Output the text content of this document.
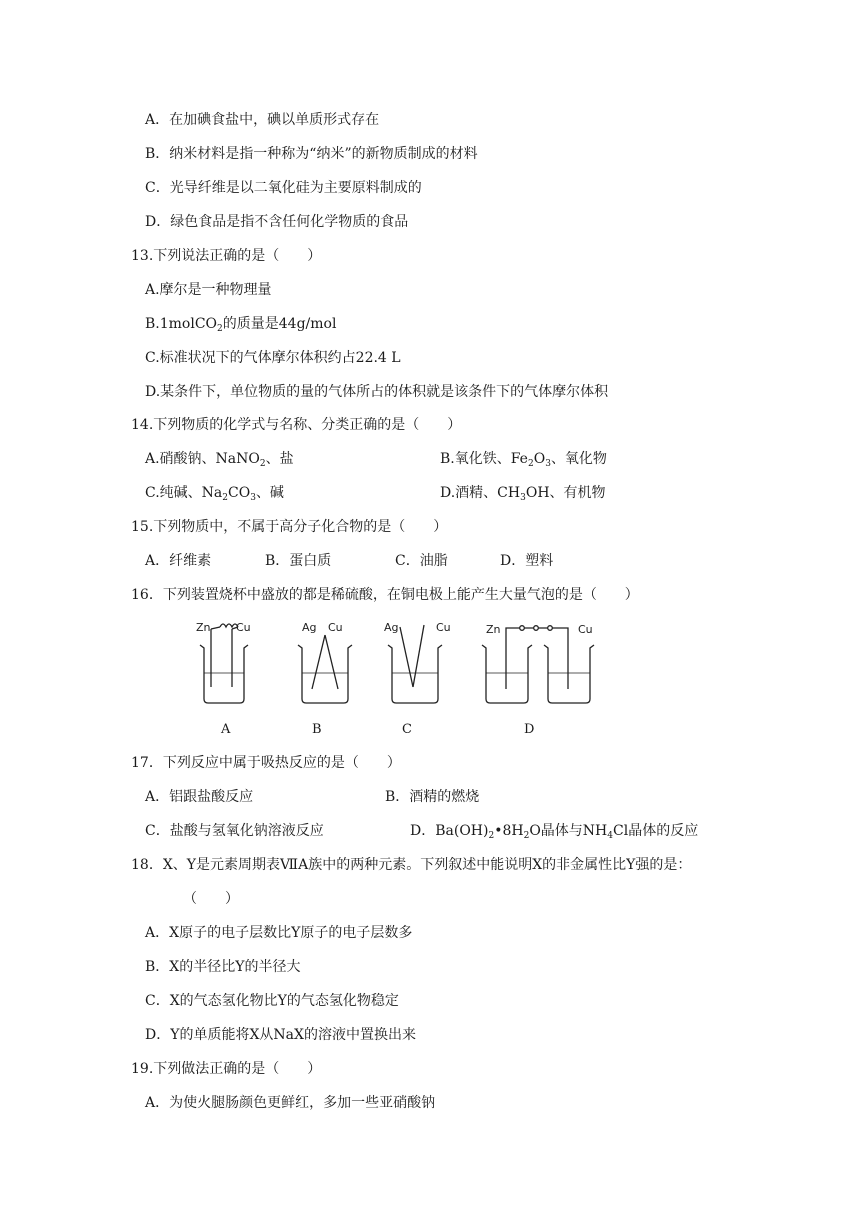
A．在加碘食盐中，碘以单质形式存在
B．纳米材料是指一种称为“纳米”的新物质制成的材料
C．光导纤维是以二氧化硅为主要原料制成的
D．绿色食品是指不含任何化学物质的食品
13.下列说法正确的是（　　）
A.摩尔是一种物理量
B.1molCO$_2$的质量是44g/mol
C.标准状况下的气体摩尔体积约占22.4 L
D.某条件下，单位物质的量的气体所占的体积就是该条件下的气体摩尔体积
14.下列物质的化学式与名称、分类正确的是（　　）
A.硝酸钠、NaNO$_2$、盐	B.氧化铁、$Fe_2O_3$、氧化物
C.纯碱、$Na_2CO_3$、碱	D.酒精、$CH_3OH$、有机物
15.下列物质中，不属于高分子化合物的是（　　）
A．纤维素	B．蛋白质	C．油脂	D．塑料
16．下列装置烧杯中盛放的都是稀硫酸，在铜电极上能产生大量气泡的是（　　）
Zn Cu	Ag Cu	Ag	Cu	Zn	Cu
A	B	C	D
17．下列反应中属于吸热反应的是（　　）
A．铝跟盐酸反应	B．酒精的燃烧
C．盐酸与氢氧化钠溶液反应	D．$Ba(OH)_2•8H_2O$晶体与$NH_4Cl$晶体的反应
18．X、Y是元素周期表ⅦA族中的两种元素。下列叙述中能说明X的非金属性比Y强的是：
（　　）
A．X原子的电子层数比Y原子的电子层数多
B．X的半径比Y的半径大
C．X的气态氢化物比Y的气态氢化物稳定
D．Y的单质能将X从NaX的溶液中置换出来
19.下列做法正确的是（　　）
A．为使火腿肠颜色更鲜红，多加一些亚硝酸钠
